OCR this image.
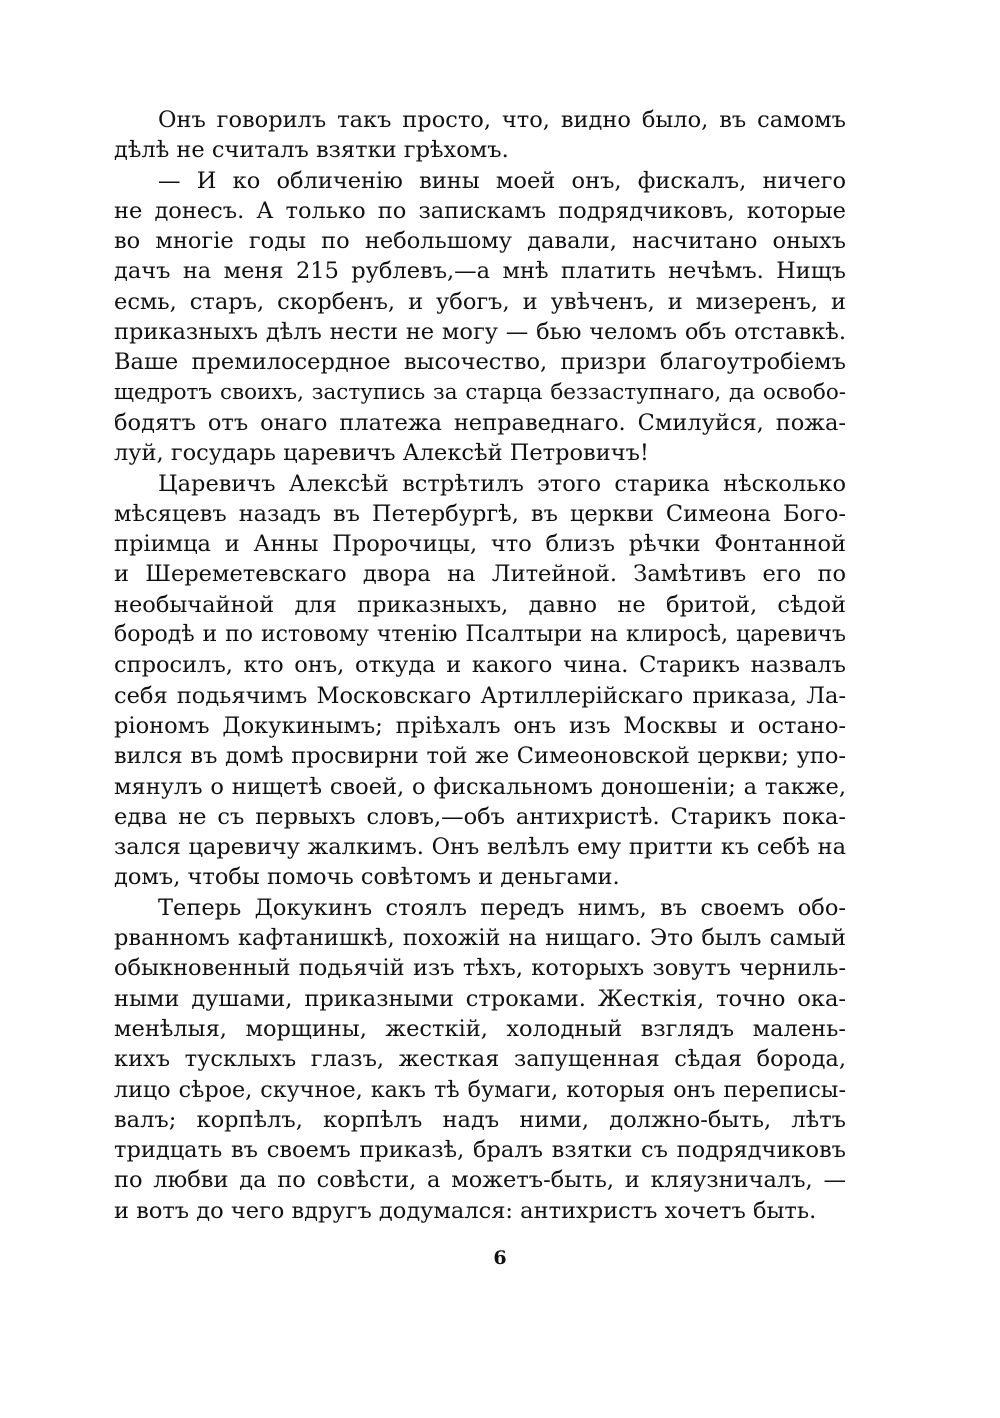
Онъ говорилъ такъ просто, что, видно было, въ самомъ
дѣлѣ не считалъ взятки грѣхомъ.
— И ко обличенію вины моей онъ, фискалъ, ничего
не донесъ. А только по запискамъ подрядчиковъ, которые
во многіе годы по небольшому давали, насчитано оныхъ
дачъ на меня 215 рублевъ,—а мнѣ платить нечѣмъ. Нищъ
есмь, старъ, скорбенъ, и убогъ, и увѣченъ, и мизеренъ, и
приказныхъ дѣлъ нести не могу — бью челомъ объ отставкѣ.
Ваше премилосердное высочество, призри благоутробіемъ
щедротъ своихъ, заступись за старца беззаступнаго, да освобо-
бодятъ отъ онаго платежа неправеднаго. Смилуйся, пожа-
луй, государь царевичъ Алексѣй Петровичъ!
Царевичъ Алексѣй встрѣтилъ этого старика нѣсколько
мѣсяцевъ назадъ въ Петербургѣ, въ церкви Симеона Бого-
пріимца и Анны Пророчицы, что близъ рѣчки Фонтанной
и Шереметевскаго двора на Литейной. Замѣтивъ его по
необычайной для приказныхъ, давно не бритой, сѣдой
бородѣ и по истовому чтенію Псалтыри на клиросѣ, царевичъ
спросилъ, кто онъ, откуда и какого чина. Старикъ назвалъ
себя подьячимъ Московскаго Артиллерійскаго приказа, Ла-
ріономъ Докукинымъ; пріѣхалъ онъ изъ Москвы и остано-
вился въ домѣ просвирни той же Симеоновской церкви; упо-
мянулъ о нищетѣ своей, о фискальномъ доношеніи; а также,
едва не съ первыхъ словъ,—объ антихристѣ. Старикъ пока-
зался царевичу жалкимъ. Онъ велѣлъ ему притти къ себѣ на
домъ, чтобы помочь совѣтомъ и деньгами.
Теперь Докукинъ стоялъ передъ нимъ, въ своемъ обо-
рванномъ кафтанишкѣ, похожій на нищаго. Это былъ самый
обыкновенный подьячій изъ тѣхъ, которыхъ зовутъ черниль-
ными душами, приказными строками. Жесткія, точно ока-
менѣлыя, морщины, жесткій, холодный взглядъ малень-
кихъ тусклыхъ глазъ, жесткая запущенная сѣдая борода,
лицо сѣрое, скучное, какъ тѣ бумаги, которыя онъ переписы-
валъ; корпѣлъ, корпѣлъ надъ ними, должно-быть, лѣтъ
тридцать въ своемъ приказѣ, бралъ взятки съ подрядчиковъ
по любви да по совѣсти, а можетъ-быть, и кляузничалъ, —
и вотъ до чего вдругъ додумался: антихристъ хочетъ быть.
6
